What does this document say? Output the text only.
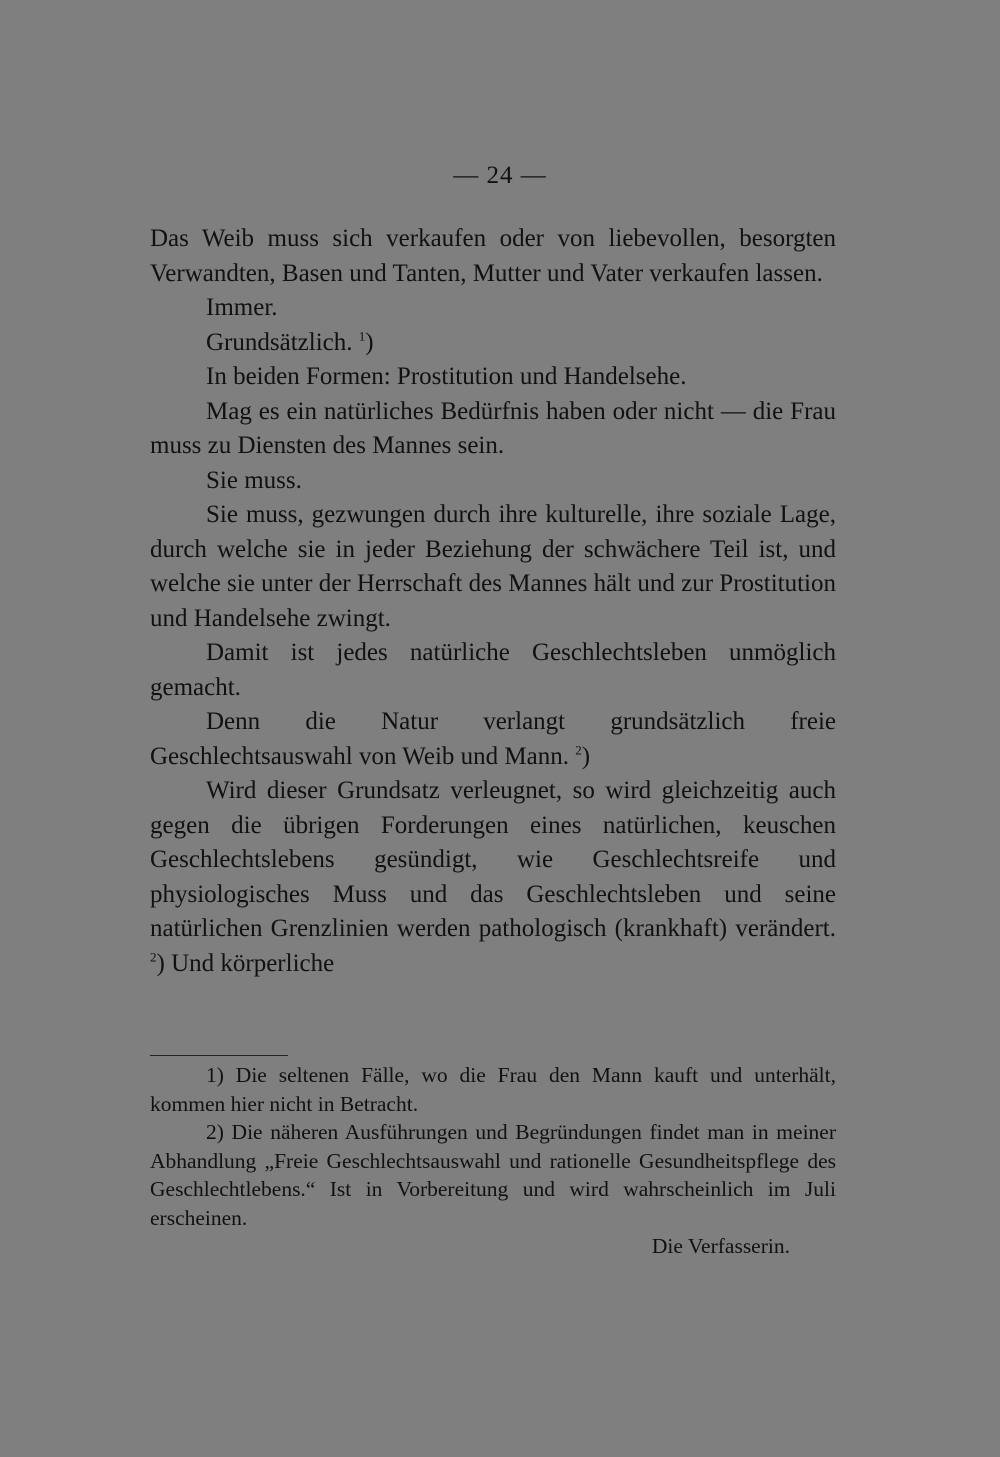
— 24 —

Das Weib muss sich verkaufen oder von liebevollen, besorgten Verwandten, Basen und Tanten, Mutter und Vater verkaufen lassen.

Immer.

Grundsätzlich. $^1$)

In beiden Formen: Prostitution und Handelsehe.

Mag es ein natürliches Bedürfnis haben oder nicht — die Frau muss zu Diensten des Mannes sein.

Sie muss.

Sie muss, gezwungen durch ihre kulturelle, ihre soziale Lage, durch welche sie in jeder Beziehung der schwächere Teil ist, und welche sie unter der Herrschaft des Mannes hält und zur Prostitution und Handelsehe zwingt.

Damit ist jedes natürliche Geschlechtsleben unmöglich gemacht.

Denn die Natur verlangt grundsätzlich freie Geschlechtsauswahl von Weib und Mann. $^2$)

Wird dieser Grundsatz verleugnet, so wird gleichzeitig auch gegen die übrigen Forderungen eines natürlichen, keuschen Geschlechtslebens gesündigt, wie Geschlechtsreife und physiologisches Muss und das Geschlechtsleben und seine natürlichen Grenzlinien werden pathologisch (krankhaft) verändert. $^2$) Und körperliche

1) Die seltenen Fälle, wo die Frau den Mann kauft und unterhält, kommen hier nicht in Betracht.

2) Die näheren Ausführungen und Begründungen findet man in meiner Abhandlung „Freie Geschlechtsauswahl und rationelle Gesundheitspflege des Geschlechtlebens.“ Ist in Vorbereitung und wird wahrscheinlich im Juli erscheinen.

Die Verfasserin.
